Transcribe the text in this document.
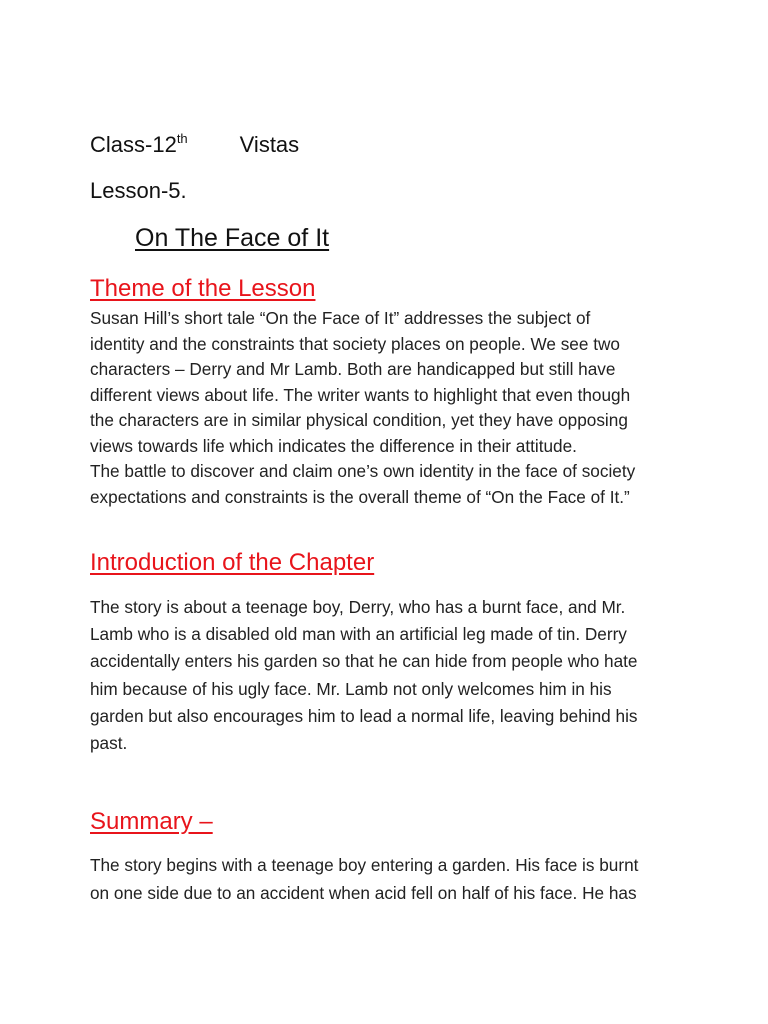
Class-12th Vistas
Lesson-5.
On The Face of It
Theme of the Lesson

Susan Hill’s short tale “On the Face of It” addresses the subject of
identity and the constraints that society places on people. We see two
characters – Derry and Mr Lamb. Both are handicapped but still have
different views about life. The writer wants to highlight that even though
the characters are in similar physical condition, yet they have opposing
views towards life which indicates the difference in their attitude.
The battle to discover and claim one’s own identity in the face of society
expectations and constraints is the overall theme of “On the Face of It.”

Introduction of the Chapter

The story is about a teenage boy, Derry, who has a burnt face, and Mr.
Lamb who is a disabled old man with an artificial leg made of tin. Derry
accidentally enters his garden so that he can hide from people who hate
him because of his ugly face. Mr. Lamb not only welcomes him in his
garden but also encourages him to lead a normal life, leaving behind his
past.

Summary –

The story begins with a teenage boy entering a garden. His face is burnt
on one side due to an accident when acid fell on half of his face. He has
